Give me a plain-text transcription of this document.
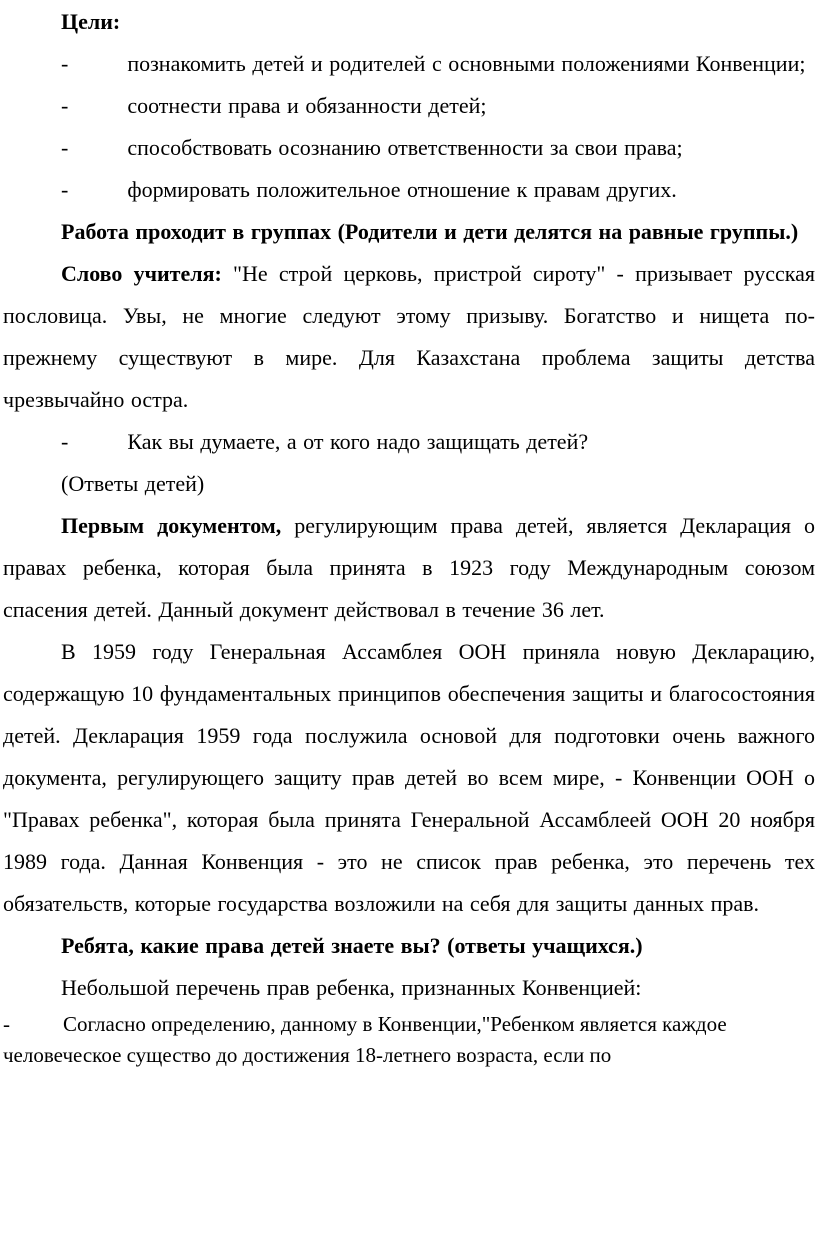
Цели:

-	познакомить детей и родителей с основными положениями Конвенции;

-	соотнести права и обязанности детей;

-	способствовать осознанию ответственности за свои права;

-	формировать положительное отношение к правам других.

Работа проходит в группах (Родители и дети делятся на равные группы.)

Слово учителя: "Не строй церковь, пристрой сироту" - призывает русская пословица. Увы, не многие следуют этому призыву. Богатство и нищета по-прежнему существуют в мире. Для Казахстана проблема защиты детства чрезвычайно остра.

-	Как вы думаете, а от кого надо защищать детей?

(Ответы детей)

Первым документом, регулирующим права детей, является Декларация о правах ребенка, которая была принята в 1923 году Международным союзом спасения детей. Данный документ действовал в течение 36 лет.

В 1959 году Генеральная Ассамблея ООН приняла новую Декларацию, содержащую 10 фундаментальных принципов обеспечения защиты и благосостояния детей. Декларация 1959 года послужила основой для подготовки очень важного документа, регулирующего защиту прав детей во всем мире, - Конвенции ООН о "Правах ребенка", которая была принята Генеральной Ассамблеей ООН 20 ноября 1989 года. Данная Конвенция - это не список прав ребенка, это перечень тех обязательств, которые государства возложили на себя для защиты данных прав.

Ребята, какие права детей знаете вы? (ответы учащихся.)

Небольшой перечень прав ребенка, признанных Конвенцией:

-	Согласно определению, данному в Конвенции,"Ребенком является каждое человеческое существо до достижения 18-летнего возраста, если по
